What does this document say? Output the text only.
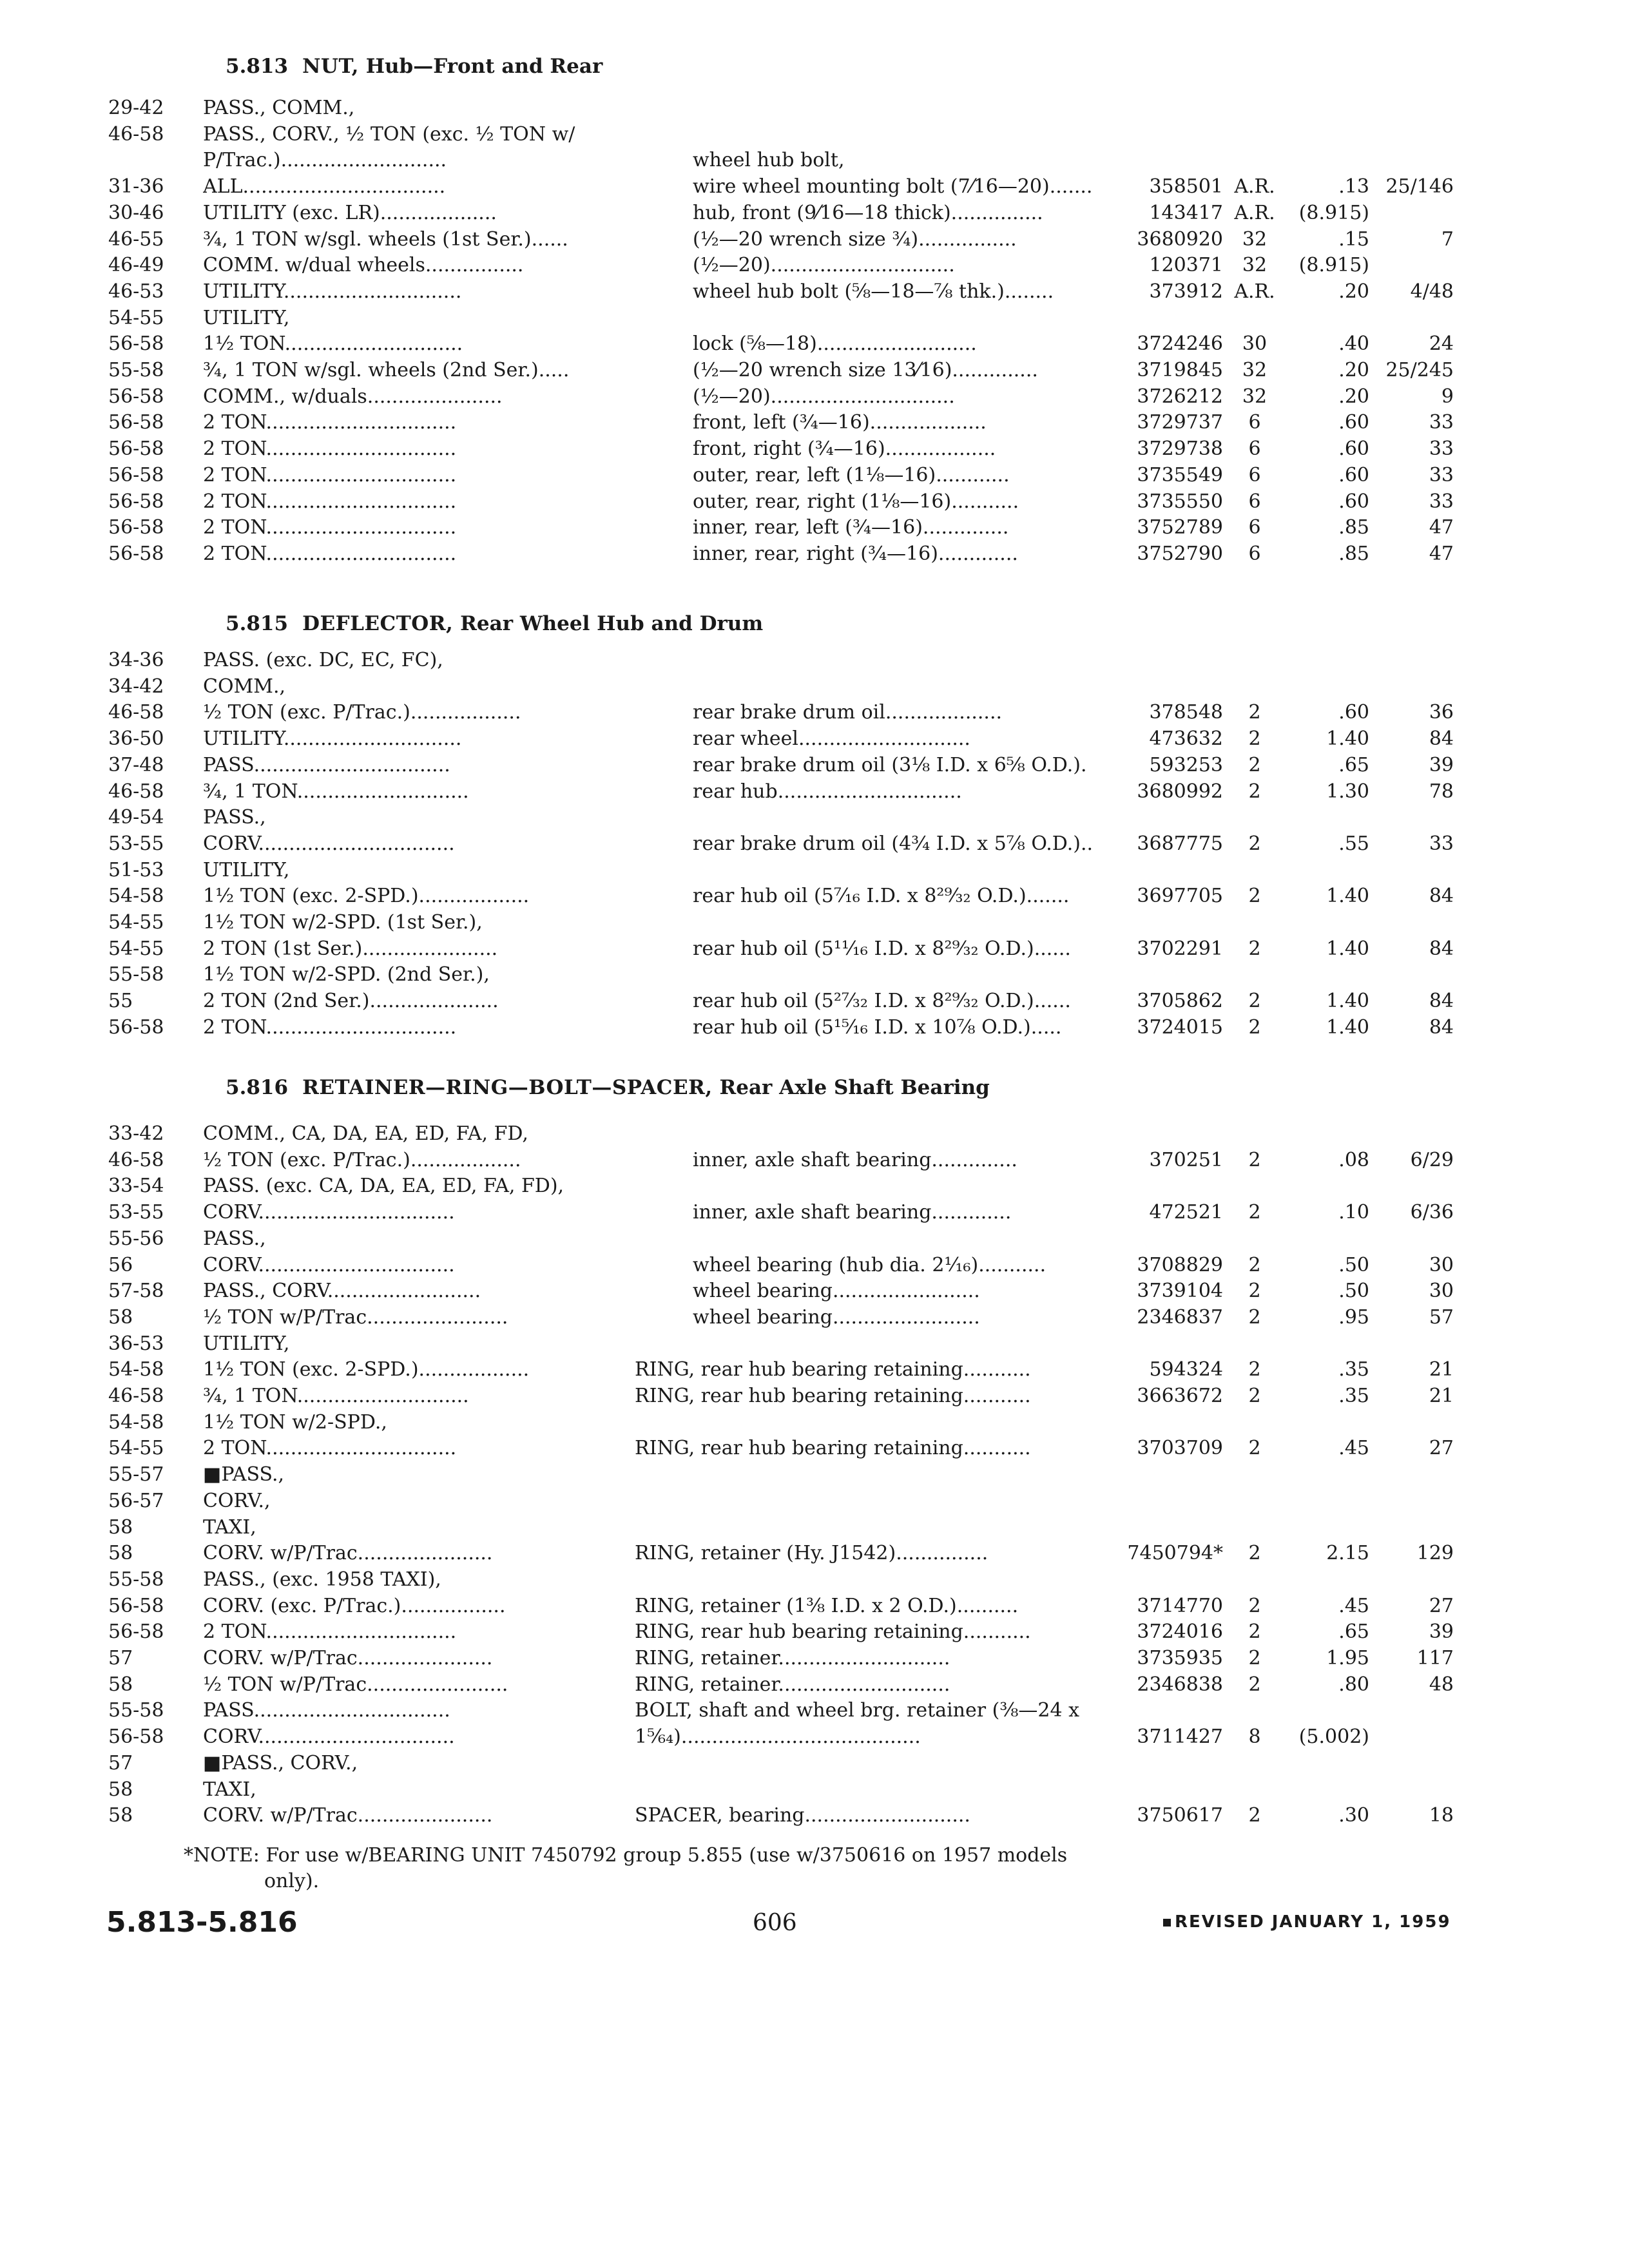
5.813 NUT, Hub—Front and Rear
29-42 PASS., COMM.,
46-58 PASS., CORV., ½ TON (exc. ½ TON w/
P/Trac.)...........................	wheel hub bolt,
31-36 ALL.................................	wire wheel mounting bolt (7⁄16—20).......	358501 A.R.	.13 25/146
30-46 UTILITY (exc. LR)...................	hub, front (9⁄16—18 thick)...............	143417 A.R.	(8.915)
46-55 ¾, 1 TON w/sgl. wheels (1st Ser.)......	(½—20 wrench size ¾)................	3680920 32	.15	7
46-49 COMM. w/dual wheels................	(½—20)..............................	120371 32	(8.915)
46-53 UTILITY.............................	wheel hub bolt (⅝—18—⅞ thk.)........	373912 A.R.	.20	4/48
54-55 UTILITY,
56-58 1½ TON.............................	lock (⅝—18)..........................	3724246 30	.40	24
55-58 ¾, 1 TON w/sgl. wheels (2nd Ser.).....	(½—20 wrench size 13⁄16)..............	3719845 32	.20 25/245
56-58 COMM., w/duals......................	(½—20)..............................	3726212 32	.20	9
56-58 2 TON...............................	front, left (¾—16)...................	3729737	6	.60	33
56-58 2 TON...............................	front, right (¾—16)..................	3729738	6	.60	33
56-58 2 TON...............................	outer, rear, left (1⅛—16)............	3735549	6	.60	33
56-58 2 TON...............................	outer, rear, right (1⅛—16)...........	3735550	6	.60	33
56-58 2 TON...............................	inner, rear, left (¾—16)..............	3752789	6	.85	47
56-58 2 TON...............................	inner, rear, right (¾—16).............	3752790	6	.85	47
5.815 DEFLECTOR, Rear Wheel Hub and Drum
34-36 PASS. (exc. DC, EC, FC),
34-42 COMM.,
46-58 ½ TON (exc. P/Trac.)..................	rear brake drum oil...................	378548	2	.60	36
36-50 UTILITY.............................	rear wheel............................	473632	2	1.40	84
37-48 PASS................................	rear brake drum oil (3⅛ I.D. x 6⅝ O.D.).	593253	2	.65	39
46-58 ¾, 1 TON............................	rear hub..............................	3680992	2	1.30	78
49-54 PASS.,
53-55 CORV................................	rear brake drum oil (4¾ I.D. x 5⅞ O.D.)..	3687775	2	.55	33
51-53 UTILITY,
54-58 1½ TON (exc. 2-SPD.)..................	rear hub oil (5⁷⁄₁₆ I.D. x 8²⁹⁄₃₂ O.D.).......	3697705	2	1.40	84
54-55 1½ TON w/2-SPD. (1st Ser.),
54-55 2 TON (1st Ser.)......................	rear hub oil (5¹¹⁄₁₆ I.D. x 8²⁹⁄₃₂ O.D.)......	3702291	2	1.40	84
55-58 1½ TON w/2-SPD. (2nd Ser.),
55	2 TON (2nd Ser.).....................	rear hub oil (5²⁷⁄₃₂ I.D. x 8²⁹⁄₃₂ O.D.)......	3705862	2	1.40	84
56-58 2 TON...............................	rear hub oil (5¹⁵⁄₁₆ I.D. x 10⅞ O.D.).....	3724015	2	1.40	84
5.816 RETAINER—RING—BOLT—SPACER, Rear Axle Shaft Bearing
33-42 COMM., CA, DA, EA, ED, FA, FD,
46-58 ½ TON (exc. P/Trac.)..................	inner, axle shaft bearing..............	370251	2	.08	6/29
33-54 PASS. (exc. CA, DA, EA, ED, FA, FD),
53-55 CORV................................	inner, axle shaft bearing.............	472521	2	.10	6/36
55-56 PASS.,
56	CORV................................	wheel bearing (hub dia. 2¹⁄₁₆)...........	3708829	2	.50	30
57-58 PASS., CORV.........................	wheel bearing........................	3739104	2	.50	30
58	½ TON w/P/Trac.......................	wheel bearing........................	2346837	2	.95	57
36-53 UTILITY,
54-58 1½ TON (exc. 2-SPD.)..................	RING, rear hub bearing retaining...........	594324	2	.35	21
46-58 ¾, 1 TON............................	RING, rear hub bearing retaining...........	3663672	2	.35	21
54-58 1½ TON w/2-SPD.,
54-55 2 TON...............................	RING, rear hub bearing retaining...........	3703709	2	.45	27
55-57 ■PASS.,
56-57 CORV.,
58	TAXI,
58	CORV. w/P/Trac......................	RING, retainer (Hy. J1542)...............	7450794*	2	2.15	129
55-58 PASS., (exc. 1958 TAXI),
56-58 CORV. (exc. P/Trac.).................	RING, retainer (1⅜ I.D. x 2 O.D.)..........	3714770	2	.45	27
56-58 2 TON...............................	RING, rear hub bearing retaining...........	3724016	2	.65	39
57	CORV. w/P/Trac......................	RING, retainer............................	3735935	2	1.95	117
58	½ TON w/P/Trac.......................	RING, retainer............................	2346838	2	.80	48
55-58 PASS................................	BOLT, shaft and wheel brg. retainer (⅜—24 x
56-58 CORV................................	1⁵⁄₆₄).......................................	3711427	8	(5.002)
57	■PASS., CORV.,
58	TAXI,
58	CORV. w/P/Trac......................	SPACER, bearing...........................	3750617	2	.30	18
*NOTE: For use w/BEARING UNIT 7450792 group 5.855 (use w/3750616 on 1957 models
only).
5.813-5.816	606	REVISED JANUARY 1, 1959
